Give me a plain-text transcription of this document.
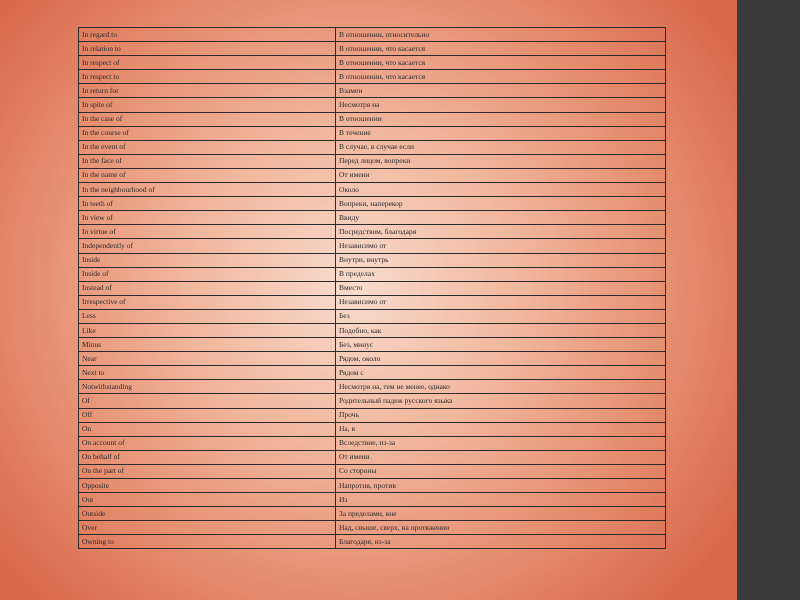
In regard to	В отношении, относительно
In relation to	В отношении, что касается
In respect of	В отношении, что касается
In respect to	В отношении, что касается
In return for	Взамен
In spite of	Несмотря на
In the case of	В отношении
In the course of	В течение
In the event of	В случае, в случае если
In the face of	Перед лицом, вопреки
In the name of	От имени
In the neighbourhood of	Около
In teeth of	Вопреки, наперекор
In view of	Ввиду
In virtue of	Посредством, благодаря
Independently of	Независимо от
Inside	Внутри, внутрь
Inside of	В пределах
Instead of	Вместо
Irrespective of	Независимо от
Less	Без
Like	Подобно, как
Minus	Без, минус
Near	Рядом, около
Next to	Рядом с
Notwithstanding	Несмотря на, тем не менее, однако
Of	Родительный падеж русского языка
Off	Прочь
On	На, в
On account of	Вследствие, из-за
On behalf of	От имени
On the part of	Со стороны
Opposite	Напротив, против
Out	Из
Outside	За пределами, вне
Over	Над, свыше, сверх, на протяжении
Owning to	Благодаря, из-за
